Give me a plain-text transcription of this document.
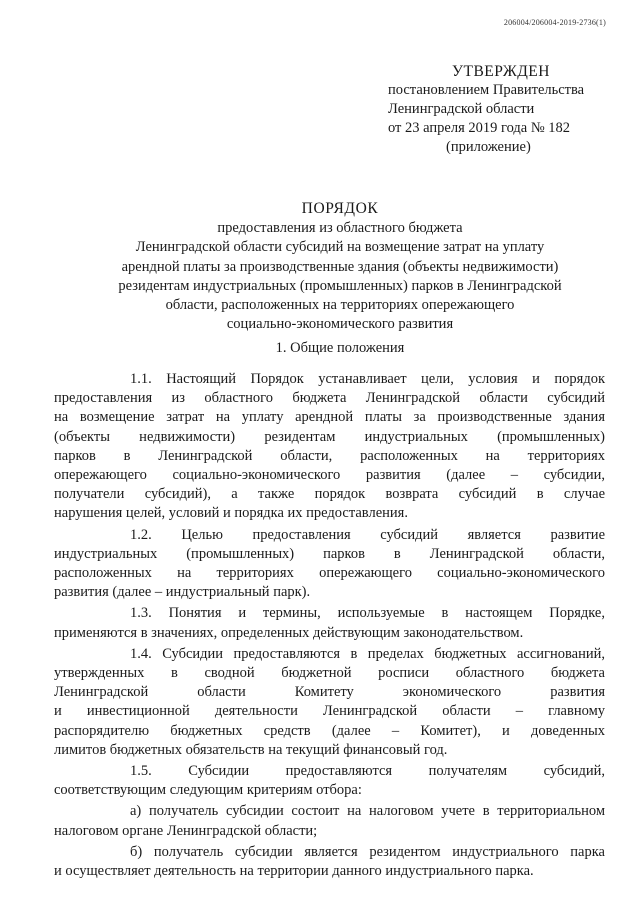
206004/206004-2019-2736(1)
УТВЕРЖДЕН
постановлением Правительства
Ленинградской области
от 23 апреля 2019 года № 182
(приложение)
ПОРЯДОК
предоставления из областного бюджета
Ленинградской области субсидий на возмещение затрат на уплату
арендной платы за производственные здания (объекты недвижимости)
резидентам индустриальных (промышленных) парков в Ленинградской
области, расположенных на территориях опережающего
социально-экономического развития
1. Общие положения
1.1. Настоящий Порядок устанавливает цели, условия и порядок
предоставления из областного бюджета Ленинградской области субсидий
на возмещение затрат на уплату арендной платы за производственные здания
(объекты недвижимости) резидентам индустриальных (промышленных)
парков в Ленинградской области, расположенных на территориях
опережающего социально-экономического развития (далее – субсидии,
получатели субсидий), а также порядок возврата субсидий в случае
нарушения целей, условий и порядка их предоставления.
1.2. Целью предоставления субсидий является развитие
индустриальных (промышленных) парков в Ленинградской области,
расположенных на территориях опережающего социально-экономического
развития (далее – индустриальный парк).
1.3. Понятия и термины, используемые в настоящем Порядке,
применяются в значениях, определенных действующим законодательством.
1.4. Субсидии предоставляются в пределах бюджетных ассигнований,
утвержденных в сводной бюджетной росписи областного бюджета
Ленинградской области Комитету экономического развития
и инвестиционной деятельности Ленинградской области – главному
распорядителю бюджетных средств (далее – Комитет), и доведенных
лимитов бюджетных обязательств на текущий финансовый год.
1.5. Субсидии предоставляются получателям субсидий,
соответствующим следующим критериям отбора:
а) получатель субсидии состоит на налоговом учете в территориальном
налоговом органе Ленинградской области;
б) получатель субсидии является резидентом индустриального парка
и осуществляет деятельность на территории данного индустриального парка.
